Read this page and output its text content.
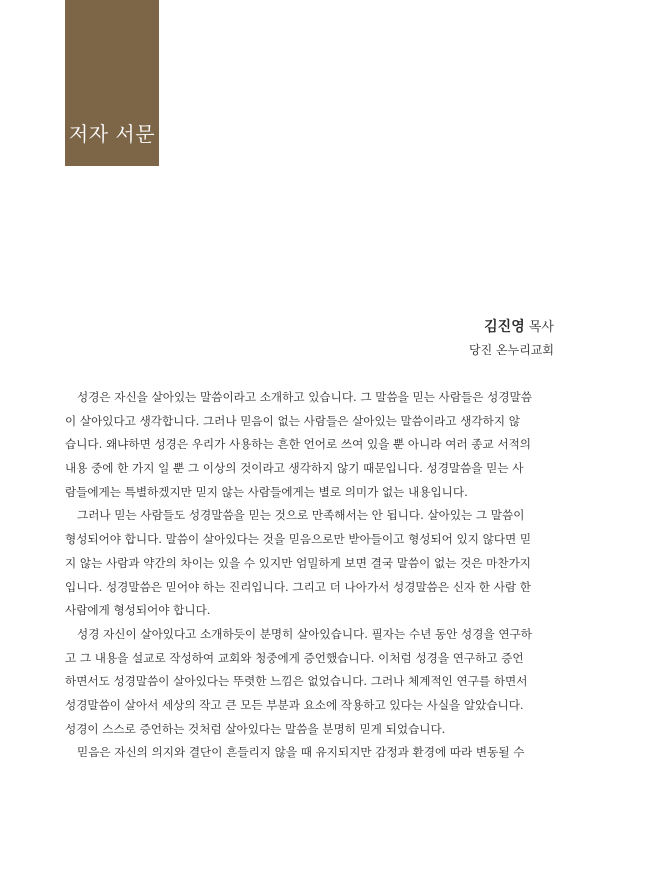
저자 서문
김진영 목사
당진 온누리교회
성경은 자신을 살아있는 말씀이라고 소개하고 있습니다. 그 말씀을 믿는 사람들은 성경말씀
이 살아있다고 생각합니다. 그러나 믿음이 없는 사람들은 살아있는 말씀이라고 생각하지 않
습니다. 왜냐하면 성경은 우리가 사용하는 흔한 언어로 쓰여 있을 뿐 아니라 여러 종교 서적의
내용 중에 한 가지 일 뿐 그 이상의 것이라고 생각하지 않기 때문입니다. 성경말씀을 믿는 사
람들에게는 특별하겠지만 믿지 않는 사람들에게는 별로 의미가 없는 내용입니다.
그러나 믿는 사람들도 성경말씀을 믿는 것으로 만족해서는 안 됩니다. 살아있는 그 말씀이
형성되어야 합니다. 말씀이 살아있다는 것을 믿음으로만 받아들이고 형성되어 있지 않다면 믿
지 않는 사람과 약간의 차이는 있을 수 있지만 엄밀하게 보면 결국 말씀이 없는 것은 마찬가지
입니다. 성경말씀은 믿어야 하는 진리입니다. 그리고 더 나아가서 성경말씀은 신자 한 사람 한
사람에게 형성되어야 합니다.
성경 자신이 살아있다고 소개하듯이 분명히 살아있습니다. 필자는 수년 동안 성경을 연구하
고 그 내용을 설교로 작성하여 교회와 청중에게 증언했습니다. 이처럼 성경을 연구하고 증언
하면서도 성경말씀이 살아있다는 뚜렷한 느낌은 없었습니다. 그러나 체계적인 연구를 하면서
성경말씀이 살아서 세상의 작고 큰 모든 부분과 요소에 작용하고 있다는 사실을 알았습니다.
성경이 스스로 증언하는 것처럼 살아있다는 말씀을 분명히 믿게 되었습니다.
믿음은 자신의 의지와 결단이 흔들리지 않을 때 유지되지만 감정과 환경에 따라 변동될 수
